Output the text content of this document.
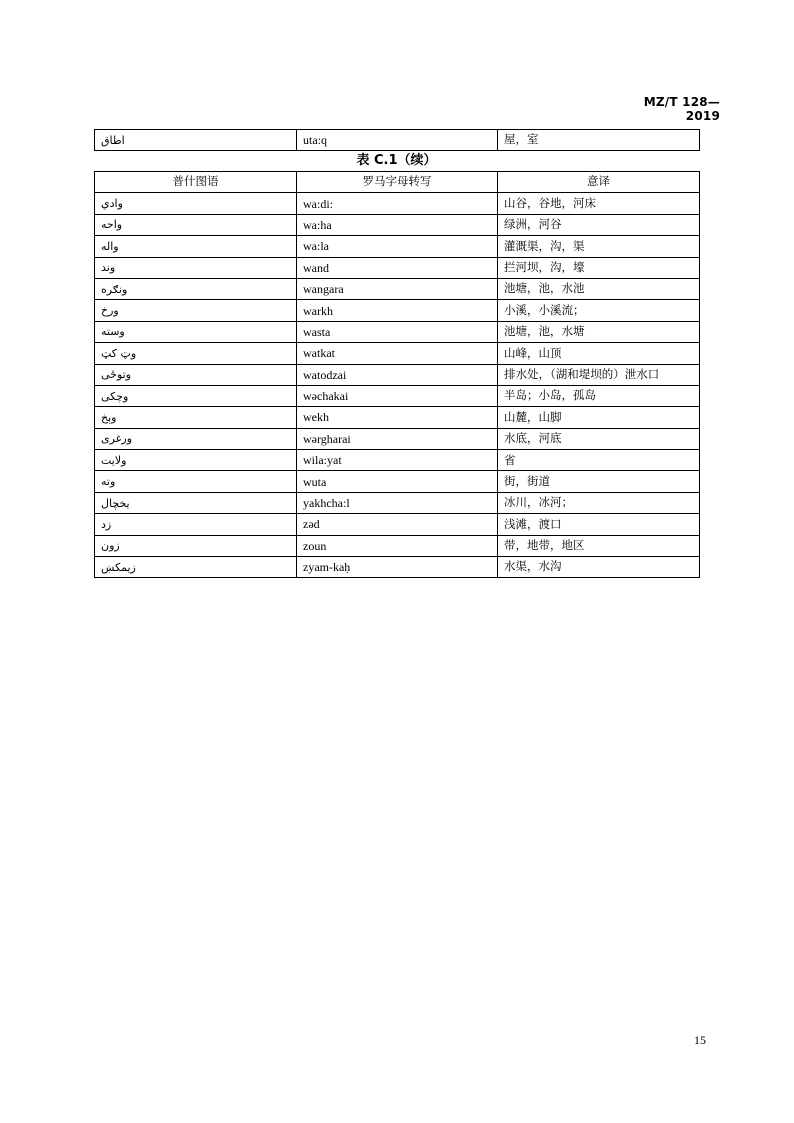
MZ/T 128—2019
اطاق	uta:q	屋，室
表 C.1（续）
普什图语	罗马字母转写	意译
وادي	wa:di:	山谷，谷地，河床
واحه	wa:ha	绿洲，河谷
واله	wa:la	灌溉渠，沟，渠
وند	wand	拦河坝，沟，壕
ونګره	wangara	池塘，池，水池
ورخ	warkh	小溪，小溪流；
وسته	wasta	池塘，池，水塘
وټ کټ	watkat	山峰，山顶
وتوځی	watodzai	排水处，（湖和堤坝的）泄水口
وچکی	wəchakai	半岛；小岛，孤岛
وېخ	wekh	山麓，山脚
ورغری	wərgharai	水底，河底
ولایت	wila:yat	省
وته	wuta	街，街道
يخچال	yakhcha:l	冰川，冰河；
زد	zəd	浅滩，渡口
زون	zoun	带，地带，地区
زیمکښ	zyam-kaḥ	水渠，水沟
15
